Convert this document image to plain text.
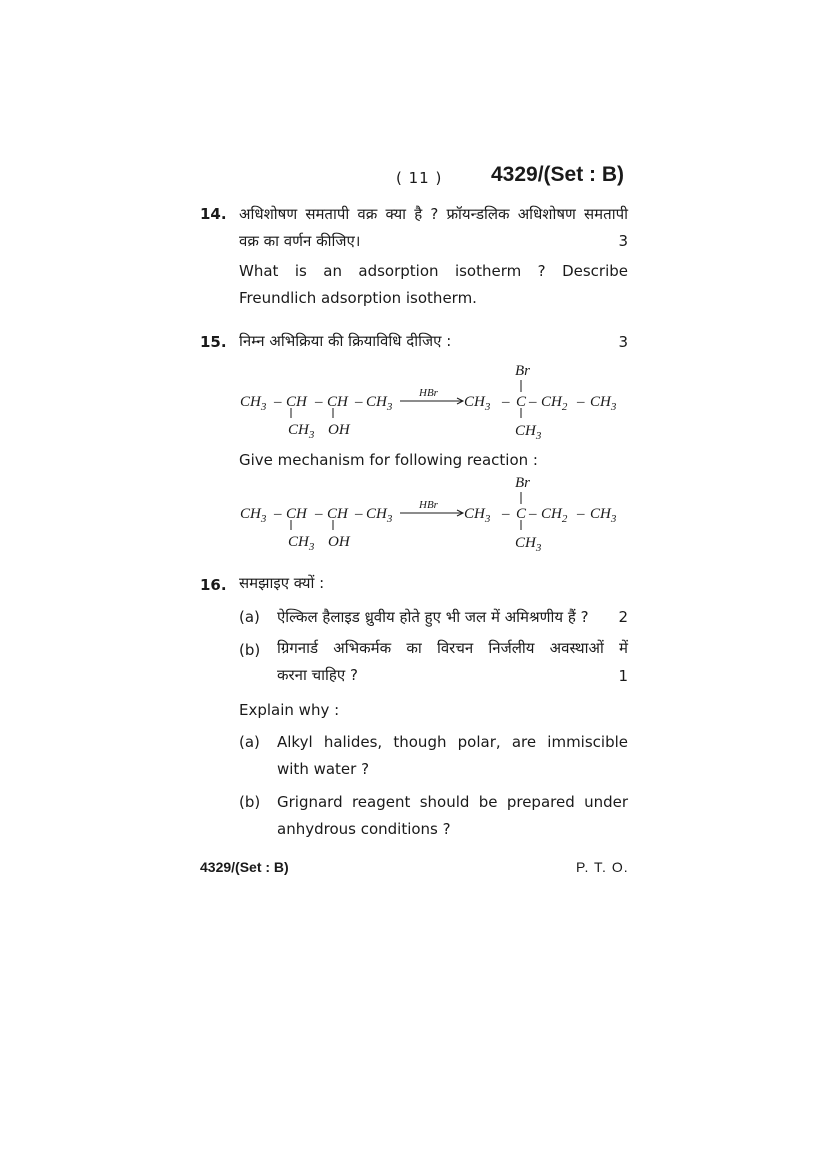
( 11 ) 4329/(Set : B)
14. अधिशोषण समतापी वक्र क्या है ? फ्रॉयन्डलिक अधिशोषण समतापी
वक्र का वर्णन कीजिए।	3
What is an adsorption isotherm ? Describe
Freundlich adsorption isotherm.
15. निम्न अभिक्रिया की क्रियाविधि दीजिए :	3
$CH_3$ – CH – CH – $CH_3$
$CH_3$ OH
HBr
$CH_3$ – C – $CH_2 - CH_3$
Br
$CH_3$
Give mechanism for following reaction :
$CH_3$ – CH – CH – $CH_3$
$CH_3$ OH
HBr
$CH_3$ – C – $CH_2 - CH_3$
Br
$CH_3$
16. समझाइए क्यों :
(a) ऐल्किल हैलाइड ध्रुवीय होते हुए भी जल में अमिश्रणीय हैं ?	2
(b) ग्रिगनार्ड अभिकर्मक का विरचन निर्जलीय अवस्थाओं में
करना चाहिए ?	1
Explain why :
(a) Alkyl halides, though polar, are immiscible
with water ?
(b) Grignard reagent should be prepared under
anhydrous conditions ?
4329/(Set : B)	P. T. O.
